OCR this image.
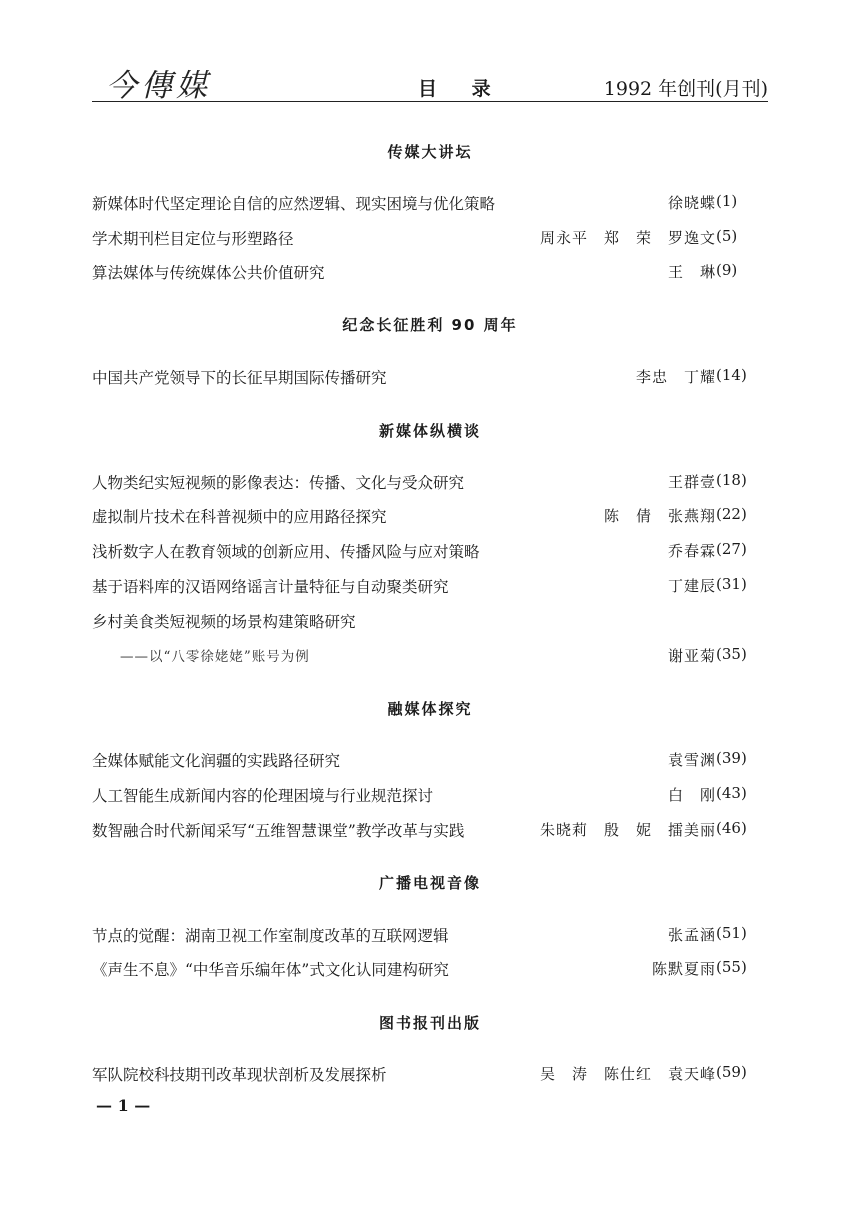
今傳媒	目 录	1992 年创刊(月刊)
传媒大讲坛
新媒体时代坚定理论自信的应然逻辑、现实困境与优化策略	徐晓蝶 ( 1 )
学术期刊栏目定位与形塑路径	周永平　郑　荣　罗逸文 ( 5 )
算法媒体与传统媒体公共价值研究	王　琳 ( 9 )
纪念长征胜利 90 周年
中国共产党领导下的长征早期国际传播研究	李忠　丁耀 ( 14 )
新媒体纵横谈
人物类纪实短视频的影像表达：传播、文化与受众研究	王群壹 ( 18 )
虚拟制片技术在科普视频中的应用路径探究	陈　倩　张燕翔 ( 22 )
浅析数字人在教育领域的创新应用、传播风险与应对策略	乔春霖 ( 27 )
基于语料库的汉语网络谣言计量特征与自动聚类研究	丁建辰 ( 31 )
乡村美食类短视频的场景构建策略研究
——以“八零徐姥姥”账号为例	谢亚菊 ( 35 )
融媒体探究
全媒体赋能文化润疆的实践路径研究	袁雪渊 ( 39 )
人工智能生成新闻内容的伦理困境与行业规范探讨	白　刚 ( 43 )
数智融合时代新闻采写“五维智慧课堂”教学改革与实践	朱晓莉　殷　妮　擂美丽 ( 46 )
广播电视音像
节点的觉醒：湖南卫视工作室制度改革的互联网逻辑	张孟涵 ( 51 )
《声生不息》“中华音乐编年体”式文化认同建构研究	陈默夏雨 ( 55 )
图书报刊出版
军队院校科技期刊改革现状剖析及发展探析	吴　涛　陈仕红　袁天峰 ( 59 )
— 1 —
